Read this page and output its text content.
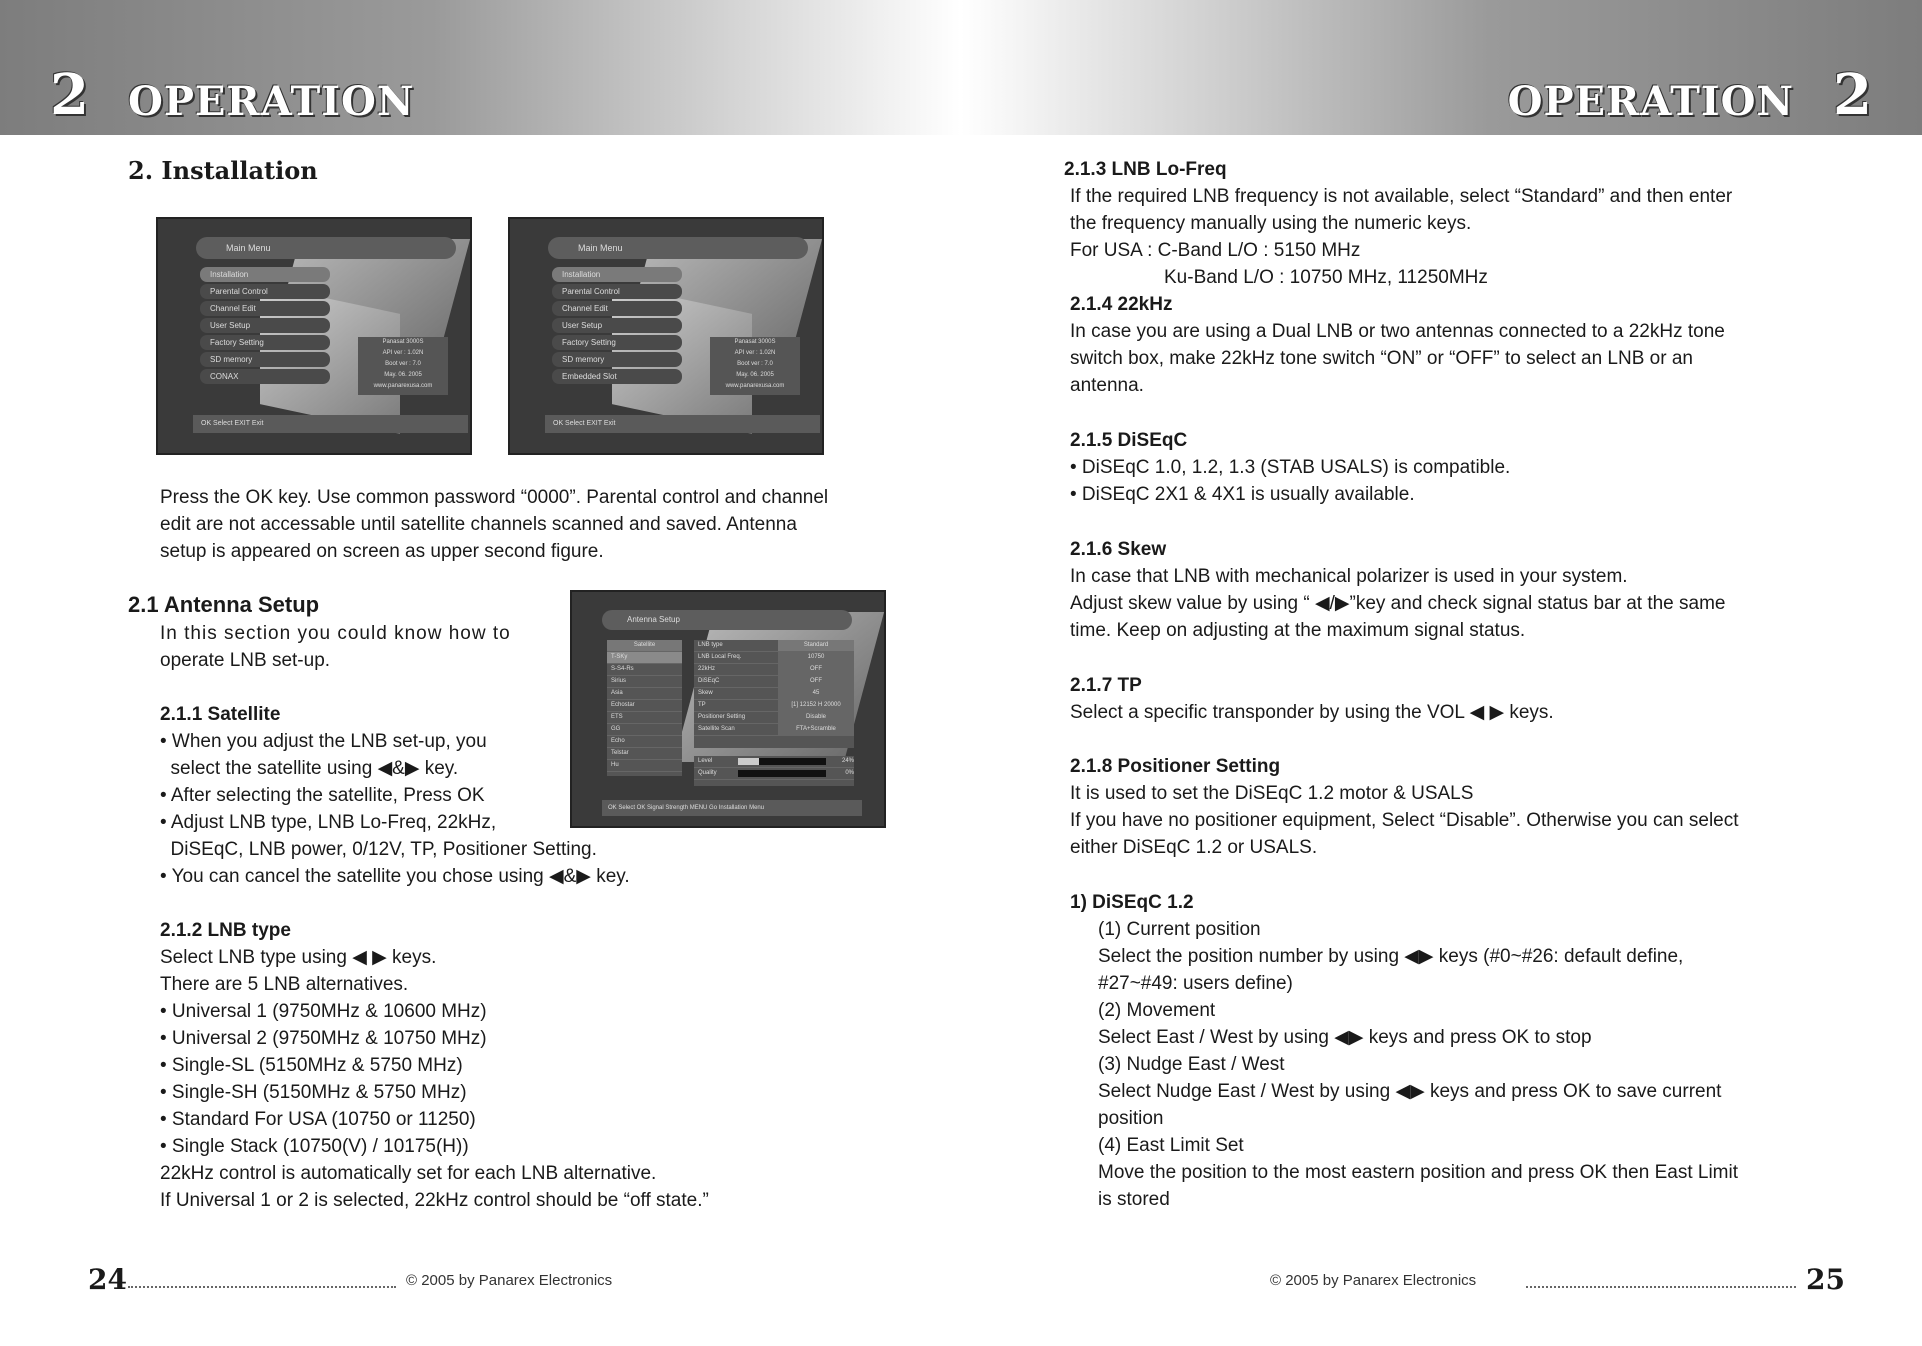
2 OPERATION	OPERATION 2
2. Installation
Main Menu
Installation
Parental Control
Channel Edit
User Setup
Factory Setting
SD memory
CONAX
Panasat 3000S
API ver : 1.02N
Boot ver : 7.0
May. 06. 2005
www.panarexusa.com
OK Select EXIT Exit
Main Menu
Installation
Parental Control
Channel Edit
User Setup
Factory Setting
SD memory
Embedded Slot
Panasat 3000S
API ver : 1.02N
Boot ver : 7.0
May. 06. 2005
www.panarexusa.com
OK Select EXIT Exit
Press the OK key. Use common password “0000”. Parental control and channel
edit are not accessable until satellite channels scanned and saved. Antenna
setup is appeared on screen as upper second figure.
2.1 Antenna Setup
In this section you could know how to
operate LNB set-up.
Antenna Setup
Satellite
T-SKy
S-S4-Rs
Sirius
Asia
Echostar
ETS
GG
Echo
Telstar
Hu
LNB type	Standard
LNB Local Freq.	10750
22kHz	OFF
DiSEqC	OFF
Skew	45
TP	[1] 12152 H 20000
Positioner Setting	Disable
Satellite Scan	FTA+Scramble
Level	24%
Quality	0%
OK Select OK Signal Strength MENU Go Installation Menu
2.1.1 Satellite
• When you adjust the LNB set-up, you
select the satellite using ◀&▶ key.
• After selecting the satellite, Press OK
• Adjust LNB type, LNB Lo-Freq, 22kHz,
DiSEqC, LNB power, 0/12V, TP, Positioner Setting.
• You can cancel the satellite you chose using ◀&▶ key.
2.1.2 LNB type
Select LNB type using ◀ ▶ keys.
There are 5 LNB alternatives.
• Universal 1 (9750MHz & 10600 MHz)
• Universal 2 (9750MHz & 10750 MHz)
• Single-SL (5150MHz & 5750 MHz)
• Single-SH (5150MHz & 5750 MHz)
• Standard For USA (10750 or 11250)
• Single Stack (10750(V) / 10175(H))
22kHz control is automatically set for each LNB alternative.
If Universal 1 or 2 is selected, 22kHz control should be “off state.”
24	© 2005 by Panarex Electronics
2.1.3 LNB Lo-Freq
If the required LNB frequency is not available, select “Standard” and then enter
the frequency manually using the numeric keys.
For USA : C-Band L/O : 5150 MHz
Ku-Band L/O : 10750 MHz, 11250MHz
2.1.4 22kHz
In case you are using a Dual LNB or two antennas connected to a 22kHz tone
switch box, make 22kHz tone switch “ON” or “OFF” to select an LNB or an
antenna.
2.1.5 DiSEqC
• DiSEqC 1.0, 1.2, 1.3 (STAB USALS) is compatible.
• DiSEqC 2X1 & 4X1 is usually available.
2.1.6 Skew
In case that LNB with mechanical polarizer is used in your system.
Adjust skew value by using “ ◀/▶”key and check signal status bar at the same
time. Keep on adjusting at the maximum signal status.
2.1.7 TP
Select a specific transponder by using the VOL ◀ ▶ keys.
2.1.8 Positioner Setting
It is used to set the DiSEqC 1.2 motor & USALS
If you have no positioner equipment, Select “Disable”. Otherwise you can select
either DiSEqC 1.2 or USALS.
1) DiSEqC 1.2
(1) Current position
Select the position number by using ◀▶ keys (#0~#26: default define,
#27~#49: users define)
(2) Movement
Select East / West by using ◀▶ keys and press OK to stop
(3) Nudge East / West
Select Nudge East / West by using ◀▶ keys and press OK to save current
position
(4) East Limit Set
Move the position to the most eastern position and press OK then East Limit
is stored
© 2005 by Panarex Electronics	25
